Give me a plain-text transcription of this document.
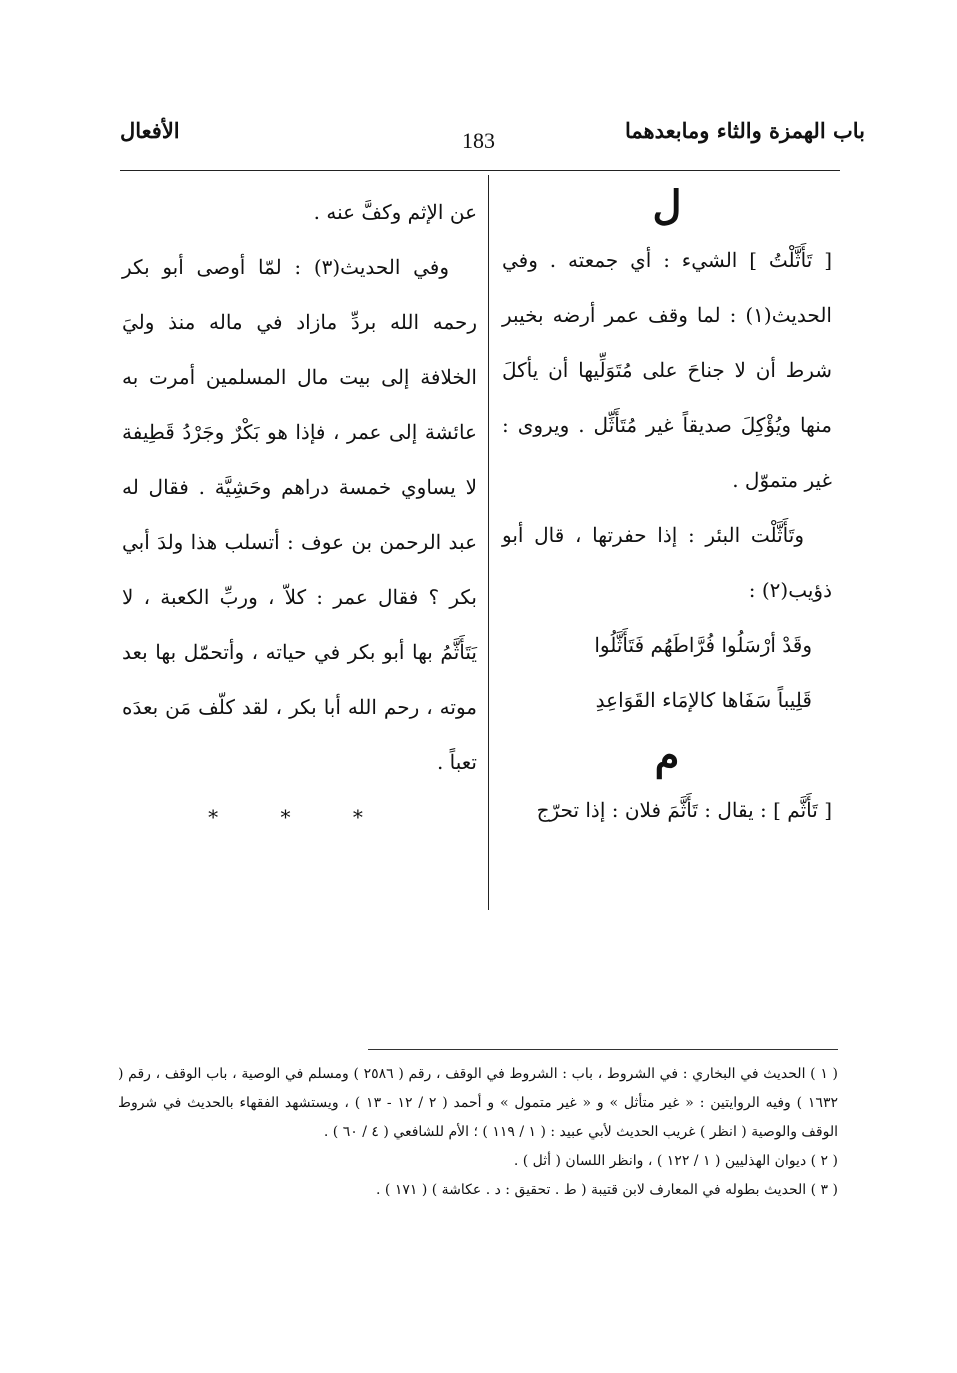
باب الهمزة والثاء ومابعدهما
183
الأفعال

ل

[ تَأَثَّلْتُ ] الشيء : أي جمعته . وفي الحديث(١) : لما وقف عمر أرضه بخيبر شرط أن لا جناحَ على مُتَوَلِّيها أن يأكلَ منها ويُؤْكِلَ صديقاً غير مُتَأَثِّل . ويروى : غير متموّل .

وتَأَثَّلْت البئر : إذا حفرتها ، قال أبو ذؤيب(٢) :

وقَدْ أرْسَلُوا فُرَّاطَهُم فَتَأَثَّلُوا

قَلِيباً سَفَاها كالإمَاء القَوَاعِدِ

م

[ تَأَثَّم ] : يقال : تَأَثَّمَ فلان : إذا تحرّج

عن الإثم وكفَّ عنه .

وفي الحديث(٣) : لمّا أوصى أبو بكر رحمه الله بردِّ مازاد في ماله منذ وليَ الخلافة إلى بيت مال المسلمين أمرت به عائشة إلى عمر ، فإذا هو بَكْرٌ وجَرْدُ قَطِيفة لا يساوي خمسة دراهم وحَشِيَّة . فقال له عبد الرحمن بن عوف : أتسلب هذا ولدَ أبي بكر ؟ فقال عمر : كلاّ ، وربِّ الكعبة ، لا يَتَأَثَّمُ بها أبو بكر في حياته ، وأتحمّل بها بعد موته ، رحم الله أبا بكر ، لقد كلّف مَن بعدَه تعباً .

* * *

( ١ ) الحديث في البخاري : في الشروط ، باب : الشروط في الوقف ، رقم ( ٢٥٨٦ ) ومسلم في الوصية ، باب الوقف ، رقم ( ١٦٣٢ ) وفيه الروايتين : « غير متأثل » و « غير متمول » و أحمد ( ٢ / ١٢ - ١٣ ) ، ويستشهد الفقهاء بالحديث في شروط الوقف والوصية ( انظر ) غريب الحديث لأبي عبيد : ( ١ / ١١٩ ) ؛ الأم للشافعي ( ٤ / ٦٠ ) .

( ٢ ) ديوان الهذليين ( ١ / ١٢٢ ) ، وانظر اللسان ( أثل ) .

( ٣ ) الحديث بطوله في المعارف لابن قتيبة ( ط . تحقيق : د . عكاشة ) ( ١٧١ ) .
